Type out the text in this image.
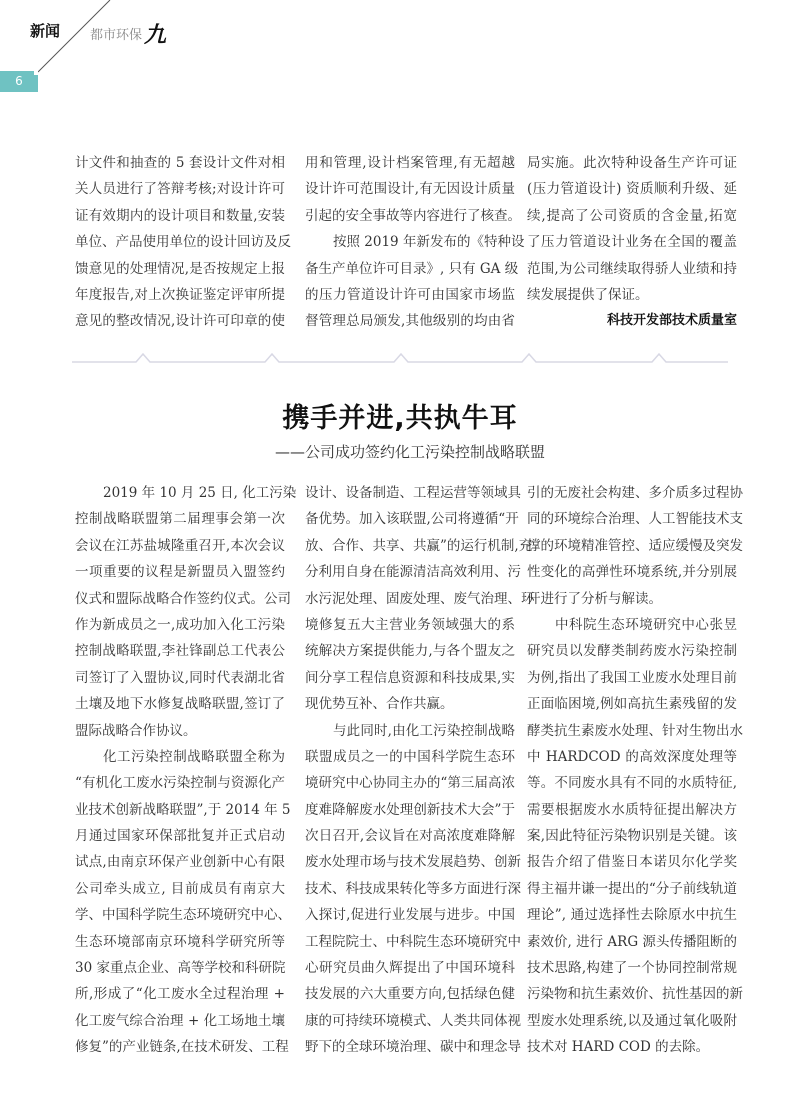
新闻 都市环保 九
6
计文件和抽查的 5 套设计文件对相
关人员进行了答辩考核;对设计许可
证有效期内的设计项目和数量,安装
单位、产品使用单位的设计回访及反
馈意见的处理情况,是否按规定上报
年度报告,对上次换证鉴定评审所提
意见的整改情况,设计许可印章的使
用和管理,设计档案管理,有无超越
设计许可范围设计,有无因设计质量
引起的安全事故等内容进行了核查。
按照 2019 年新发布的《特种设
备生产单位许可目录》, 只有 GA 级
的压力管道设计许可由国家市场监
督管理总局颁发,其他级别的均由省
局实施。此次特种设备生产许可证
(压力管道设计) 资质顺利升级、延
续,提高了公司资质的含金量,拓宽
了压力管道设计业务在全国的覆盖
范围,为公司继续取得骄人业绩和持
续发展提供了保证。
科技开发部技术质量室
携手并进,共执牛耳
——公司成功签约化工污染控制战略联盟
2019 年 10 月 25 日, 化工污染
控制战略联盟第二届理事会第一次
会议在江苏盐城隆重召开,本次会议
一项重要的议程是新盟员入盟签约
仪式和盟际战略合作签约仪式。公司
作为新成员之一,成功加入化工污染
控制战略联盟,李社锋副总工代表公
司签订了入盟协议,同时代表湖北省
土壤及地下水修复战略联盟,签订了
盟际战略合作协议。
化工污染控制战略联盟全称为
“有机化工废水污染控制与资源化产
业技术创新战略联盟”,于 2014 年 5
月通过国家环保部批复并正式启动
试点,由南京环保产业创新中心有限
公司牵头成立, 目前成员有南京大
学、中国科学院生态环境研究中心、
生态环境部南京环境科学研究所等
30 家重点企业、高等学校和科研院
所,形成了“化工废水全过程治理 +
化工废气综合治理 + 化工场地土壤
修复”的产业链条,在技术研发、工程
设计、设备制造、工程运营等领域具
备优势。加入该联盟,公司将遵循“开
放、合作、共享、共赢”的运行机制,充
分利用自身在能源清洁高效利用、污
水污泥处理、固废处理、废气治理、环
境修复五大主营业务领域强大的系
统解决方案提供能力,与各个盟友之
间分享工程信息资源和科技成果,实
现优势互补、合作共赢。
与此同时,由化工污染控制战略
联盟成员之一的中国科学院生态环
境研究中心协同主办的“第三届高浓
度难降解废水处理创新技术大会”于
次日召开,会议旨在对高浓度难降解
废水处理市场与技术发展趋势、创新
技术、科技成果转化等多方面进行深
入探讨,促进行业发展与进步。中国
工程院院士、中科院生态环境研究中
心研究员曲久辉提出了中国环境科
技发展的六大重要方向,包括绿色健
康的可持续环境模式、人类共同体视
野下的全球环境治理、碳中和理念导
引的无废社会构建、多介质多过程协
同的环境综合治理、人工智能技术支
撑的环境精准管控、适应缓慢及突发
性变化的高弹性环境系统,并分别展
开进行了分析与解读。
中科院生态环境研究中心张昱
研究员以发酵类制药废水污染控制
为例,指出了我国工业废水处理目前
正面临困境,例如高抗生素残留的发
酵类抗生素废水处理、针对生物出水
中 HARDCOD 的高效深度处理等
等。不同废水具有不同的水质特征,
需要根据废水水质特征提出解决方
案,因此特征污染物识别是关键。该
报告介绍了借鉴日本诺贝尔化学奖
得主福井谦一提出的“分子前线轨道
理论”, 通过选择性去除原水中抗生
素效价, 进行 ARG 源头传播阻断的
技术思路,构建了一个协同控制常规
污染物和抗生素效价、抗性基因的新
型废水处理系统,以及通过氧化吸附
技术对 HARD COD 的去除。
